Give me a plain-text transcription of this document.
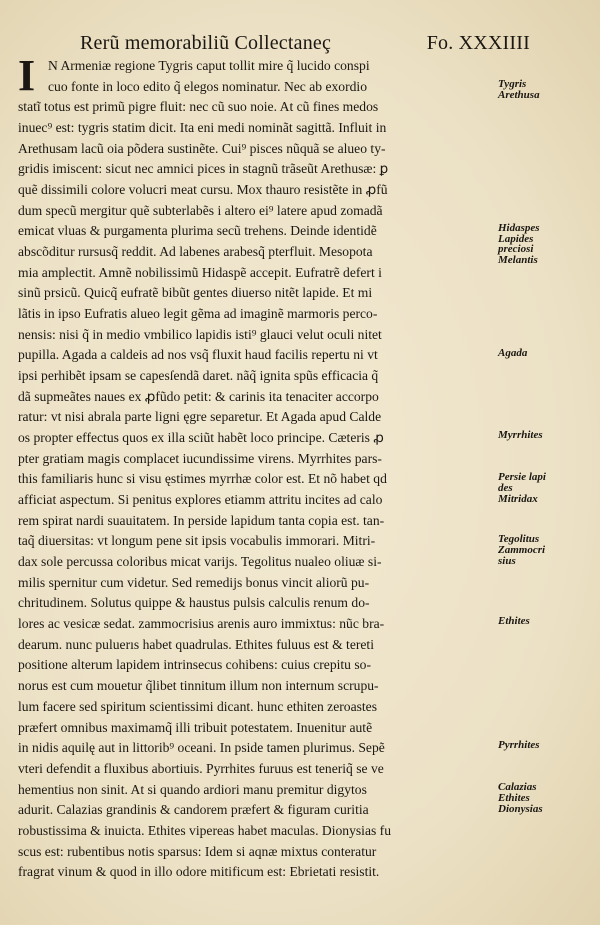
Rerũ memorabiliũ Collectaneç	Fo. XXXIIII
I N Armeniæ regione Tygris caput tollit mire q̃ lucido conspi
cuo fonte in loco edito q̃ elegos nominatur. Nec ab exordio
statĩ totus est primũ pigre fluit: nec cũ suo noie. At cũ fines medos
inuec⁹ est: tygris statim dicit. Ita eni medi nominãt sagittã. Influit in
Arethusam lacũ oia põdera sustinẽte. Cui⁹ pisces nũquã se alueo ty-
gridis imiscent: sicut nec amnici pices in stagnũ trãseũt Arethusæ: ꝑ
quẽ dissimili colore volucri meat cursu. Mox thauro resistẽte in ꝓfũ
dum specũ mergitur quẽ subterlabẽs i altero ei⁹ latere apud zomadã
emicat vluas & purgamenta plurima secũ trehens. Deinde identidẽ
abscõditur rursusq̃ reddit. Ad labenes arabesq̃ pterfluit. Mesopota
mia amplectit. Amnẽ nobilissimũ Hidaspẽ accepit. Eufratrẽ defert i
sinũ prsicũ. Quicq̃ eufratẽ bibũt gentes diuerso nitẽt lapide. Et mi
lãtis in ipso Eufratis alueo legit gẽma ad imaginẽ marmoris perco-
nensis: nisi q̃ in medio vmbilico lapidis isti⁹ glauci velut oculi nitet
pupilla. Agada a caldeis ad nos vsq̃ fluxit haud facilis repertu ni vt
ipsi perhibẽt ipsam se capesſendã daret. nãq̃ ignita spũs efficacia q̃
dã supmeãtes naues ex ꝓfũdo petit: & carinis ita tenaciter accorpo
ratur: vt nisi abrala parte ligni ęgre separetur. Et Agada apud Calde
os propter effectus quos ex illa sciũt habẽt loco principe. Cæteris ꝓ
pter gratiam magis complacet iucundissime virens. Myrrhites pars-
this familiaris hunc si visu ęstimes myrrhæ color est. Et nõ habet qd
afficiat aspectum. Si penitus explores etiamm attritu incites ad calo
rem spirat nardi suauitatem. In perside lapidum tanta copia est. tan-
taq̃ diuersitas: vt longum pene sit ipsis vocabulis immorari. Mitri-
dax sole percussa coloribus micat varijs. Tegolitus nualeo oliuæ si-
milis spernitur cum videtur. Sed remedijs bonus vincit aliorũ pu-
chritudinem. Solutus quippe & haustus pulsis calculis renum do-
lores ac vesicæ sedat. zammocrisius arenis auro immixtus: nũc bra-
dearum. nunc puluerıs habet quadrulas. Ethites fuluus est & tereti
positione alterum lapidem intrinsecus cohibens: cuius crepitu so-
norus est cum mouetur q̃libet tinnitum illum non internum scrupu-
lum facere sed spiritum scientissimi dicant. hunc ethiten zeroastes
præfert omnibus maximamq̃ illi tribuit potestatem. Inuenitur autẽ
in nidis aquilę aut in littorib⁹ oceani. In pside tamen plurimus. Sepẽ
vteri defendit a fluxibus abortiuis. Pyrrhites furuus est teneriq̃ se ve
hementius non sinit. At si quando ardiori manu premitur digytos
adurit. Calazias grandinis & candorem præfert & figuram curitia
robustissima & inuicta. Ethites vipereas habet maculas. Dionysias fu
scus est: rubentibus notis sparsus: Idem si aqnæ mixtus conteratur
fragrat vinum & quod in illo odore mitificum est: Ebrietati resistit.
Tygris
Arethusa
Hidaspes
Lapides
preciosi
Melantis
Agada
Myrrhites
Persie lapi
des
Mitridax
Tegolitus
Zammocri
sius
Ethites
Pyrrhites
Calazias
Ethites
Dionysias
